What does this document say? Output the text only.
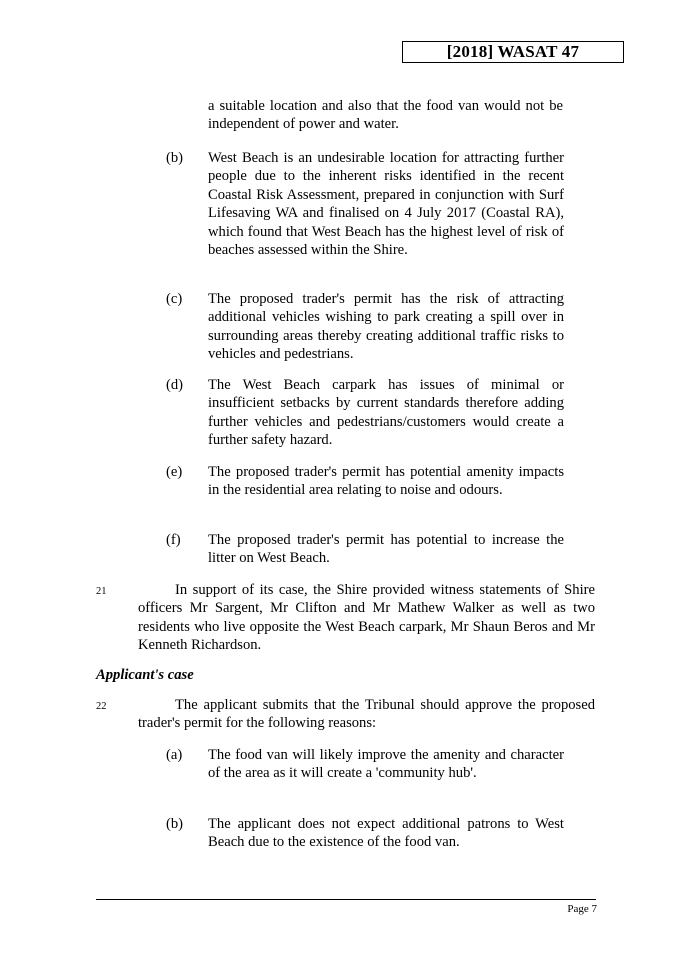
[2018] WASAT 47
a suitable location and also that the food van would not be independent of power and water.
(b)	West Beach is an undesirable location for attracting further people due to the inherent risks identified in the recent Coastal Risk Assessment, prepared in conjunction with Surf Lifesaving WA and finalised on 4 July 2017 (Coastal RA), which found that West Beach has the highest level of risk of beaches assessed within the Shire.
(c)	The proposed trader's permit has the risk of attracting additional vehicles wishing to park creating a spill over in surrounding areas thereby creating additional traffic risks to vehicles and pedestrians.
(d)	The West Beach carpark has issues of minimal or insufficient setbacks by current standards therefore adding further vehicles and pedestrians/customers would create a further safety hazard.
(e)	The proposed trader's permit has potential amenity impacts in the residential area relating to noise and odours.
(f)	The proposed trader's permit has potential to increase the litter on West Beach.
21	In support of its case, the Shire provided witness statements of Shire officers Mr Sargent, Mr Clifton and Mr Mathew Walker as well as two residents who live opposite the West Beach carpark, Mr Shaun Beros and Mr Kenneth Richardson.
Applicant's case
22	The applicant submits that the Tribunal should approve the proposed trader's permit for the following reasons:
(a)	The food van will likely improve the amenity and character of the area as it will create a 'community hub'.
(b)	The applicant does not expect additional patrons to West Beach due to the existence of the food van.
Page 7
